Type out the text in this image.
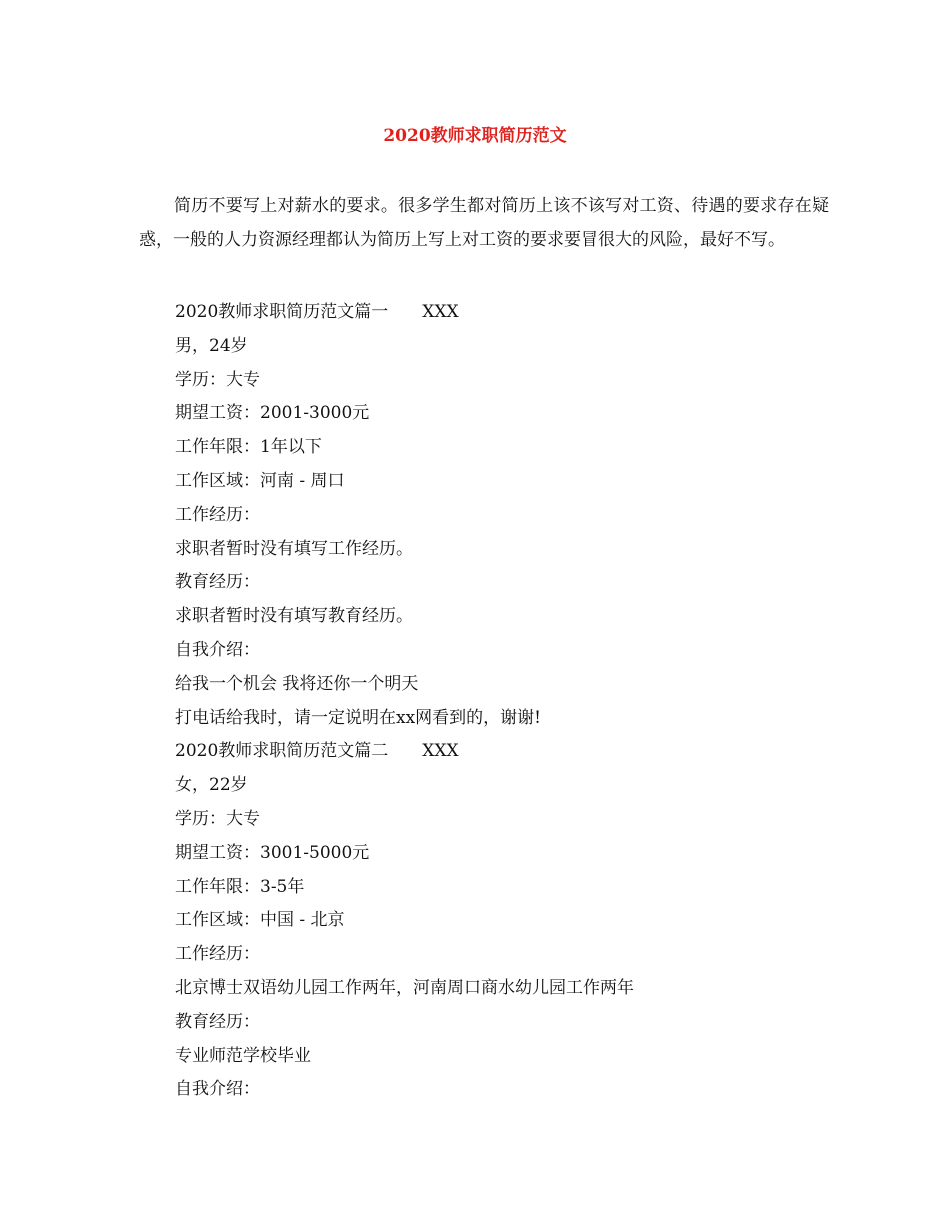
2020教师求职简历范文

简历不要写上对薪水的要求。很多学生都对简历上该不该写对工资、待遇的要求存在疑惑，一般的人力资源经理都认为简历上写上对工资的要求要冒很大的风险，最好不写。

2020教师求职简历范文篇一　　XXX
男，24岁
学历：大专
期望工资：2001-3000元
工作年限：1年以下
工作区域：河南 - 周口
工作经历：
求职者暂时没有填写工作经历。
教育经历：
求职者暂时没有填写教育经历。
自我介绍：
给我一个机会 我将还你一个明天
打电话给我时，请一定说明在xx网看到的，谢谢!
2020教师求职简历范文篇二　　XXX
女，22岁
学历：大专
期望工资：3001-5000元
工作年限：3-5年
工作区域：中国 - 北京
工作经历：
北京博士双语幼儿园工作两年，河南周口商水幼儿园工作两年
教育经历：
专业师范学校毕业
自我介绍：
